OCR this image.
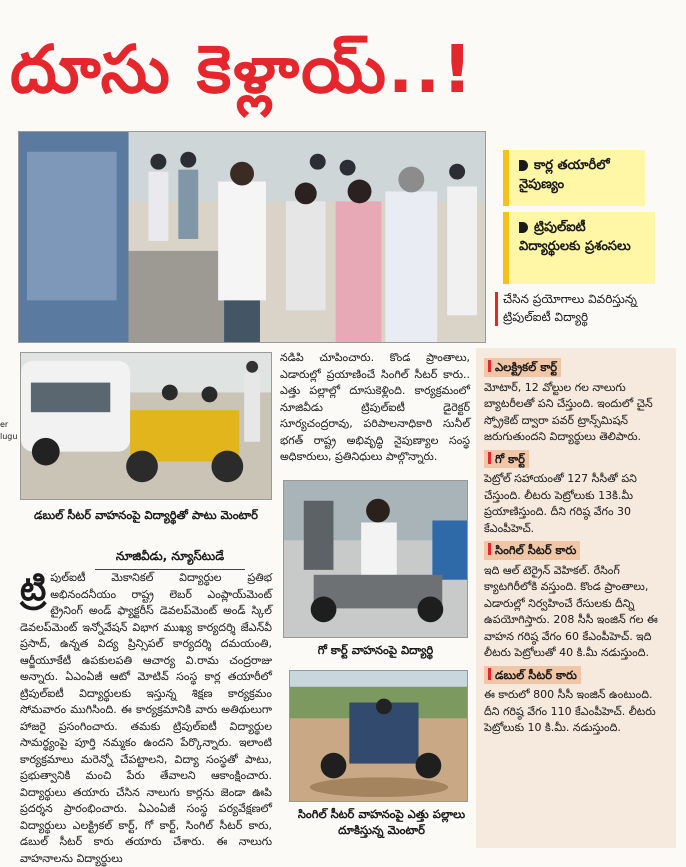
దూసు కెళ్లాయ్..!
కార్ల తయారీలో నైపుణ్యం
ట్రిపుల్ఐటీ విద్యార్థులకు ప్రశంసలు
చేసిన ప్రయోగాలు వివరిస్తున్న ట్రిపుల్ఐటీ విద్యార్థి
er
lugu
డబుల్ సీటర్ వాహనంపై విద్యార్థితో పాటు మెంటార్

నడిపి చూపించారు. కొండ ప్రాంతాలు, ఎడారుల్లో ప్రయాణించే సింగిల్ సీటర్ కారు.. ఎత్తు పల్లాల్లో దూసుకెళ్లింది. కార్యక్రమంలో నూజివీడు ట్రిపుల్ఐటీ డైరెక్టర్ సూర్యచంద్రరావు, పరిపాలనాధికారి సునీల్ భగత్ రాష్ట్ర అభివృద్ధి నైపుణ్యాల సంస్థ అధికారులు, ప్రతినిధులు పాల్గొన్నారు.

గో కార్ట్ వాహనంపై విద్యార్థి
సింగిల్ సీటర్ వాహనంపై ఎత్తు పల్లాలు దూకిస్తున్న మెంటార్
నూజివీడు, న్యూస్‌టుడే
ట్రి పుల్ఐటీ మెకానికల్ విద్యార్థుల ప్రతిభ అభినందనీయం రాష్ట్ర లెబర్ ఎంప్లాయ్‌మెంట్ ట్రైనింగ్ అండ్ ఫ్యాక్టరీస్ డెవలప్‌మెంట్ అండ్ స్కిల్ డెవలప్‌మెంట్ ఇన్నోవేషన్ విభాగ ముఖ్య కార్యదర్శి జేఎన్‌వీ ప్రసాద్, ఉన్నత విద్య ప్రిన్సిపల్ కార్యదర్శి దమయంతి, ఆర్జీయూకేటీ ఉపకులపతి ఆచార్య వి.రామ చంద్రరాజు అన్నారు. ఏఎంఏజీ ఆటో మోటివ్ సంస్థ కార్ల తయారీలో ట్రిపుల్ఐటీ విద్యార్థులకు ఇస్తున్న శిక్షణ కార్యక్రమం సోమవారం ముగిసింది. ఈ కార్యక్రమానికి వారు అతిథులుగా హాజరై ప్రసంగించారు. తమకు ట్రిపుల్ఐటీ విద్యార్థుల సామర్థ్యంపై పూర్తి నమ్మకం ఉందని పేర్కొన్నారు. ఇలాంటి కార్యక్రమాలు మరెన్నో చేపట్టాలని, విద్యా సంస్థతో పాటు, ప్రభుత్వానికి మంచి పేరు తేవాలని ఆకాంక్షించారు. విద్యార్థులు తయారు చేసిన నాలుగు కార్లను జెండా ఊపి ప్రదర్శన ప్రారంభించారు. ఏఎంఏజీ సంస్థ పర్యవేక్షణలో విద్యార్థులు ఎలక్ట్రికల్ కార్ట్, గో కార్ట్, సింగిల్ సీటర్ కారు, డబుల్ సీటర్ కారు తయారు చేశారు. ఈ నాలుగు వాహనాలను విద్యార్థులు
ఎలక్ట్రికల్ కార్ట్
మోటార్, 12 వోల్టుల గల నాలుగు బ్యాటరీలతో పని చేస్తుంది. ఇందులో చైన్ స్ప్రోకెట్ ద్వారా పవర్ ట్రాన్స్‌మిషన్ జరుగుతుందని విద్యార్థులు తెలిపారు.
గో కార్ట్
పెట్రోల్ సహాయంతో 127 సీసీతో పని చేస్తుంది. లీటరు పెట్రోలుకు 13కి.మీ ప్రయాణిస్తుంది. దీని గరిష్ఠ వేగం 30 కేఎంపీహెచ్.
సింగిల్ సీటర్ కారు
ఇది ఆల్ టెర్రైన్ వెహికల్. రేసింగ్ క్యాటగిరీలోకి వస్తుంది. కొండ ప్రాంతాలు, ఎడారుల్లో నిర్వహించే రేసులకు దీన్ని ఉపయోగిస్తారు. 208 సీసీ ఇంజిన్ గల ఈ వాహన గరిష్ఠ వేగం 60 కేఎంపీహెచ్. ఇది లీటరు పెట్రోలుతో 40 కి.మీ నడుస్తుంది.
డబుల్ సీటర్ కారు
ఈ కారులో 800 సీసీ ఇంజిన్ ఉంటుంది. దీని గరిష్ఠ వేగం 110 కేఎంపీహెచ్. లీటరు పెట్రోలుకు 10 కి.మీ. నడుస్తుంది.
